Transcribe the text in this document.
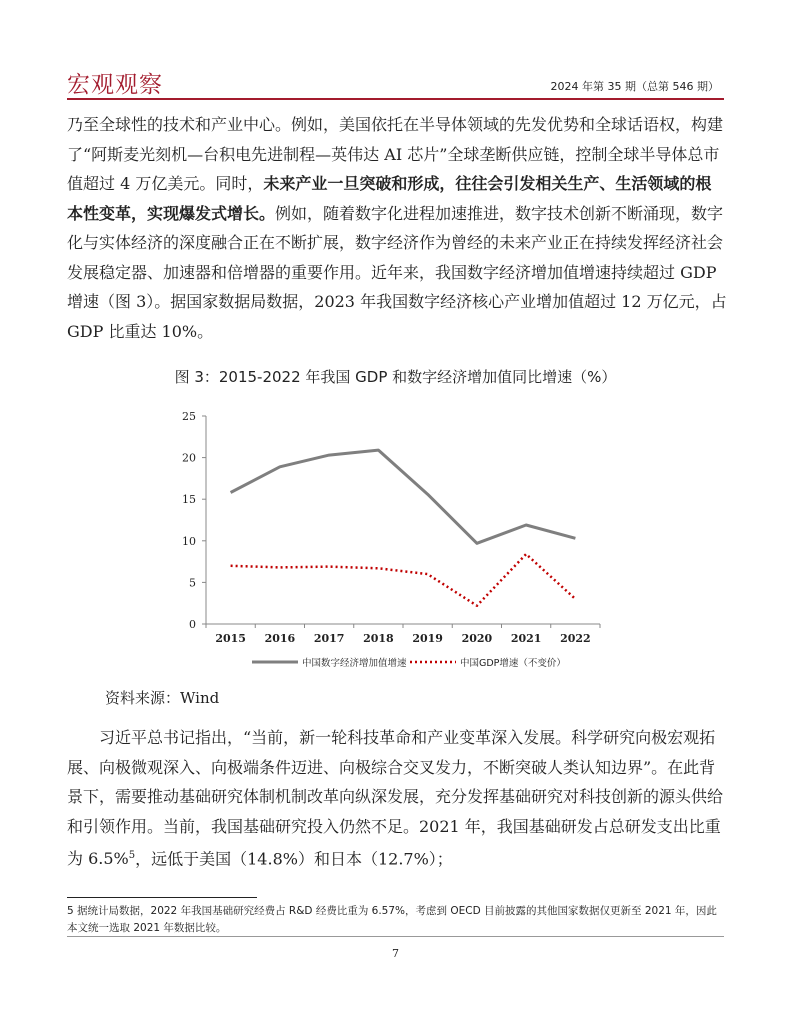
宏观观察	2024 年第 35 期（总第 546 期）

乃至全球性的技术和产业中心。例如，美国依托在半导体领域的先发优势和全球话语权，构建了“阿斯麦光刻机—台积电先进制程—英伟达 AI 芯片”全球垄断供应链，控制全球半导体总市值超过 4 万亿美元。同时，未来产业一旦突破和形成，往往会引发相关生产、生活领域的根本性变革，实现爆发式增长。例如，随着数字化进程加速推进，数字技术创新不断涌现，数字化与实体经济的深度融合正在不断扩展，数字经济作为曾经的未来产业正在持续发挥经济社会发展稳定器、加速器和倍增器的重要作用。近年来，我国数字经济增加值增速持续超过 GDP 增速（图 3）。据国家数据局数据，2023 年我国数字经济核心产业增加值超过 12 万亿元，占 GDP 比重达 10%。

图 3：2015-2022 年我国 GDP 和数字经济增加值同比增速（%）
0
5
10
15
20
25
2015 2016 2017 2018 2019 2020 2021 2022
中国数字经济增加值增速	中国GDP增速（不变价）
资料来源：Wind

习近平总书记指出，“当前，新一轮科技革命和产业变革深入发展。科学研究向极宏观拓展、向极微观深入、向极端条件迈进、向极综合交叉发力，不断突破人类认知边界”。在此背景下，需要推动基础研究体制机制改革向纵深发展，充分发挥基础研究对科技创新的源头供给和引领作用。当前，我国基础研究投入仍然不足。2021 年，我国基础研发占总研发支出比重为 6.5%$^5$，远低于美国（14.8%）和日本（12.7%）；

5 据统计局数据，2022 年我国基础研究经费占 R&D 经费比重为 6.57%，考虑到 OECD 目前披露的其他国家数据仅更新至 2021 年，因此本文统一选取 2021 年数据比较。
7
